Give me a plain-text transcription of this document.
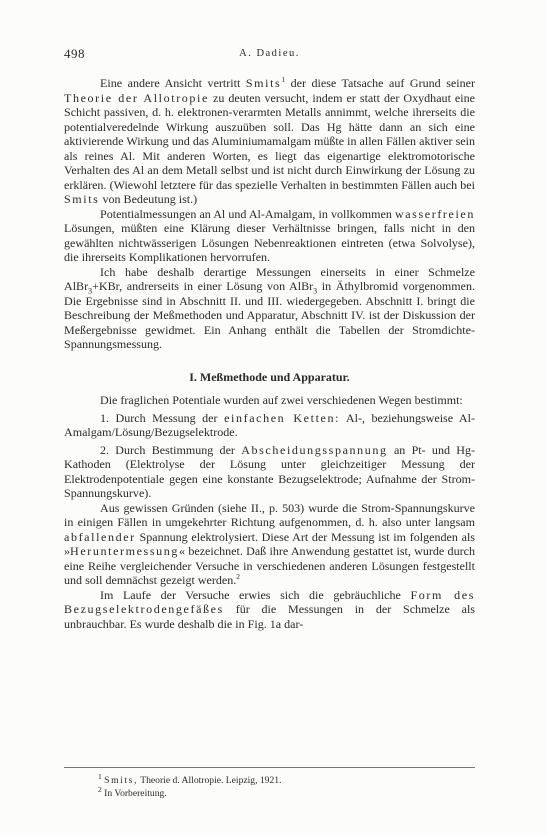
498	A. Dadieu.

Eine andere Ansicht vertritt Smits$^1$ der diese Tatsache auf Grund seiner Theorie der Allotropie zu deuten versucht, indem er statt der Oxydhaut eine Schicht passiven, d. h. elektronen-verarmten Metalls annimmt, welche ihrerseits die potentialveredelnde Wirkung auszuüben soll. Das Hg hätte dann an sich eine aktivierende Wirkung und das Aluminiumamalgam müßte in allen Fällen aktiver sein als reines Al. Mit anderen Worten, es liegt das eigenartige elektromotorische Verhalten des Al an dem Metall selbst und ist nicht durch Einwirkung der Lösung zu erklären. (Wiewohl letztere für das spezielle Verhalten in bestimmten Fällen auch bei Smits von Bedeutung ist.)

Potentialmessungen an Al und Al-Amalgam, in vollkommen wasserfreien Lösungen, müßten eine Klärung dieser Verhältnisse bringen, falls nicht in den gewählten nichtwässerigen Lösungen Nebenreaktionen eintreten (etwa Solvolyse), die ihrerseits Komplikationen hervorrufen.

Ich habe deshalb derartige Messungen einerseits in einer Schmelze AlBr$_3$+KBr, andrerseits in einer Lösung von AlBr$_3$ in Äthylbromid vorgenommen. Die Ergebnisse sind in Abschnitt II. und III. wiedergegeben. Abschnitt I. bringt die Beschreibung der Meßmethoden und Apparatur, Abschnitt IV. ist der Diskussion der Meßergebnisse gewidmet. Ein Anhang enthält die Tabellen der Stromdichte-Spannungsmessung.

I. Meßmethode und Apparatur.

Die fraglichen Potentiale wurden auf zwei verschiedenen Wegen bestimmt:

1. Durch Messung der einfachen Ketten: Al-, beziehungsweise Al-Amalgam/Lösung/Bezugselektrode.

2. Durch Bestimmung der Abscheidungsspannung an Pt- und Hg-Kathoden (Elektrolyse der Lösung unter gleichzeitiger Messung der Elektrodenpotentiale gegen eine konstante Bezugselektrode; Aufnahme der Strom-Spannungskurve).

Aus gewissen Gründen (siehe II., p. 503) wurde die Strom-Spannungskurve in einigen Fällen in umgekehrter Richtung aufgenommen, d. h. also unter langsam abfallender Spannung elektrolysiert. Diese Art der Messung ist im folgenden als »Heruntermessung« bezeichnet. Daß ihre Anwendung gestattet ist, wurde durch eine Reihe vergleichender Versuche in verschiedenen anderen Lösungen festgestellt und soll demnächst gezeigt werden.$^2$

Im Laufe der Versuche erwies sich die gebräuchliche Form des Bezugselektrodengefäßes für die Messungen in der Schmelze als unbrauchbar. Es wurde deshalb die in Fig. 1a dar-

$^1$ Smits, Theorie d. Allotropie. Leipzig, 1921.
$^2$ In Vorbereitung.
